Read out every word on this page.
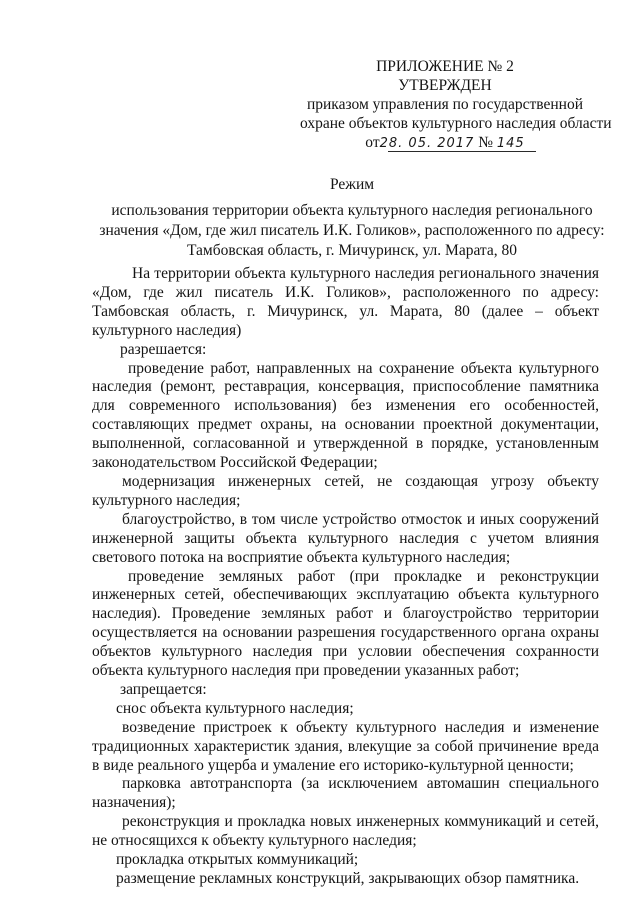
ПРИЛОЖЕНИЕ № 2
УТВЕРЖДЕН
приказом управления по государственной
охране объектов культурного наследия области
от28. 05. 2017 № 145
Режим
использования территории объекта культурного наследия регионального
значения «Дом, где жил писатель И.К. Голиков», расположенного по адресу:
Тамбовская область, г. Мичуринск, ул. Марата, 80

На территории объекта культурного наследия регионального значения «Дом, где жил писатель И.К. Голиков», расположенного по адресу: Тамбовская область, г. Мичуринск, ул. Марата, 80 (далее – объект культурного наследия)

разрешается:

проведение работ, направленных на сохранение объекта культурного наследия (ремонт, реставрация, консервация, приспособление памятника для современного использования) без изменения его особенностей, составляющих предмет охраны, на основании проектной документации, выполненной, согласованной и утвержденной в порядке, установленным законодательством Российской Федерации;

модернизация инженерных сетей, не создающая угрозу объекту культурного наследия;

благоустройство, в том числе устройство отмосток и иных сооружений инженерной защиты объекта культурного наследия с учетом влияния светового потока на восприятие объекта культурного наследия;

проведение земляных работ (при прокладке и реконструкции инженерных сетей, обеспечивающих эксплуатацию объекта культурного наследия). Проведение земляных работ и благоустройство территории осуществляется на основании разрешения государственного органа охраны объектов культурного наследия при условии обеспечения сохранности объекта культурного наследия при проведении указанных работ;

запрещается:

снос объекта культурного наследия;

возведение пристроек к объекту культурного наследия и изменение традиционных характеристик здания, влекущие за собой причинение вреда в виде реального ущерба и умаление его историко-культурной ценности;

парковка автотранспорта (за исключением автомашин специального назначения);

реконструкция и прокладка новых инженерных коммуникаций и сетей, не относящихся к объекту культурного наследия;

прокладка открытых коммуникаций;

размещение рекламных конструкций, закрывающих обзор памятника.
